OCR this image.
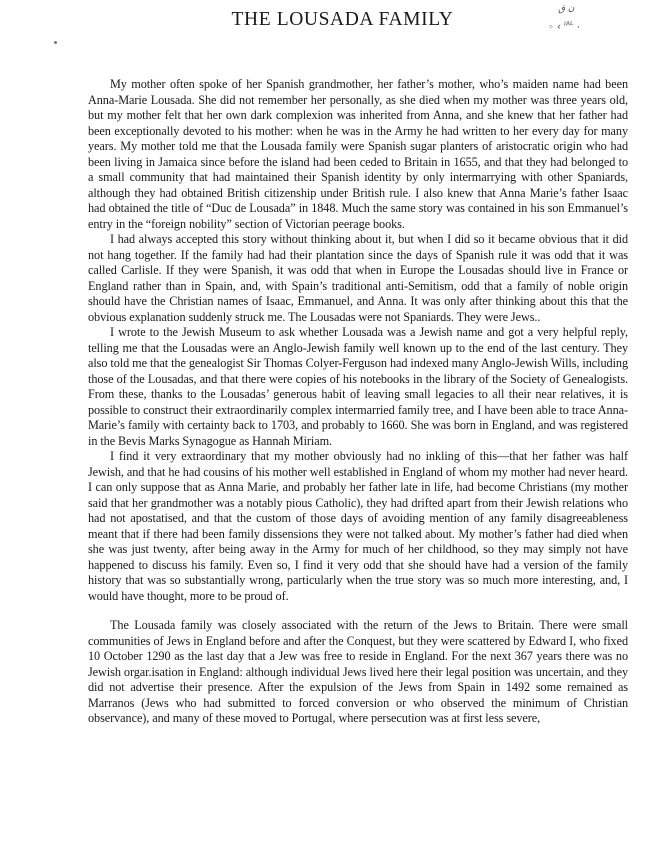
THE LOUSADA FAMILY
ن ق
◦ ‹ ᴵᴬᴸ .

My mother often spoke of her Spanish grandmother, her father’s mother, who’s maiden name had been Anna-Marie Lousada. She did not remember her personally, as she died when my mother was three years old, but my mother felt that her own dark complexion was inherited from Anna, and she knew that her father had been exceptionally devoted to his mother: when he was in the Army he had written to her every day for many years. My mother told me that the Lousada family were Spanish sugar planters of aristocratic origin who had been living in Jamaica since before the island had been ceded to Britain in 1655, and that they had belonged to a small community that had maintained their Spanish identity by only intermarrying with other Spaniards, although they had obtained British citizenship under British rule. I also knew that Anna Marie’s father Isaac had obtained the title of “Duc de Lousada” in 1848. Much the same story was contained in his son Emmanuel’s entry in the “foreign nobility” section of Victorian peerage books.

I had always accepted this story without thinking about it, but when I did so it became obvious that it did not hang together. If the family had had their plantation since the days of Spanish rule it was odd that it was called Carlisle. If they were Spanish, it was odd that when in Europe the Lousadas should live in France or England rather than in Spain, and, with Spain’s traditional anti-Semitism, odd that a family of noble origin should have the Christian names of Isaac, Emmanuel, and Anna. It was only after thinking about this that the obvious explanation suddenly struck me. The Lousadas were not Spaniards. They were Jews..

I wrote to the Jewish Museum to ask whether Lousada was a Jewish name and got a very helpful reply, telling me that the Lousadas were an Anglo-Jewish family well known up to the end of the last century. They also told me that the genealogist Sir Thomas Colyer-Ferguson had indexed many Anglo-Jewish Wills, including those of the Lousadas, and that there were copies of his notebooks in the library of the Society of Genealogists. From these, thanks to the Lousadas’ generous habit of leaving small legacies to all their near relatives, it is possible to construct their extraordinarily complex intermarried family tree, and I have been able to trace Anna-Marie’s family with certainty back to 1703, and probably to 1660. She was born in England, and was registered in the Bevis Marks Synagogue as Hannah Miriam.

I find it very extraordinary that my mother obviously had no inkling of this—that her father was half Jewish, and that he had cousins of his mother well established in England of whom my mother had never heard. I can only suppose that as Anna Marie, and probably her father late in life, had become Christians (my mother said that her grandmother was a notably pious Catholic), they had drifted apart from their Jewish relations who had not apostatised, and that the custom of those days of avoiding mention of any family disagreeableness meant that if there had been family dissensions they were not talked about. My mother’s father had died when she was just twenty, after being away in the Army for much of her childhood, so they may simply not have happened to discuss his family. Even so, I find it very odd that she should have had a version of the family history that was so substantially wrong, particularly when the true story was so much more interesting, and, I would have thought, more to be proud of.

The Lousada family was closely associated with the return of the Jews to Britain. There were small communities of Jews in England before and after the Conquest, but they were scattered by Edward I, who fixed 10 October 1290 as the last day that a Jew was free to reside in England. For the next 367 years there was no Jewish orgar.isation in England: although individual Jews lived here their legal position was uncertain, and they did not advertise their presence. After the expulsion of the Jews from Spain in 1492 some remained as Marranos (Jews who had submitted to forced conversion or who observed the minimum of Christian observance), and many of these moved to Portugal, where persecution was at first less severe,
